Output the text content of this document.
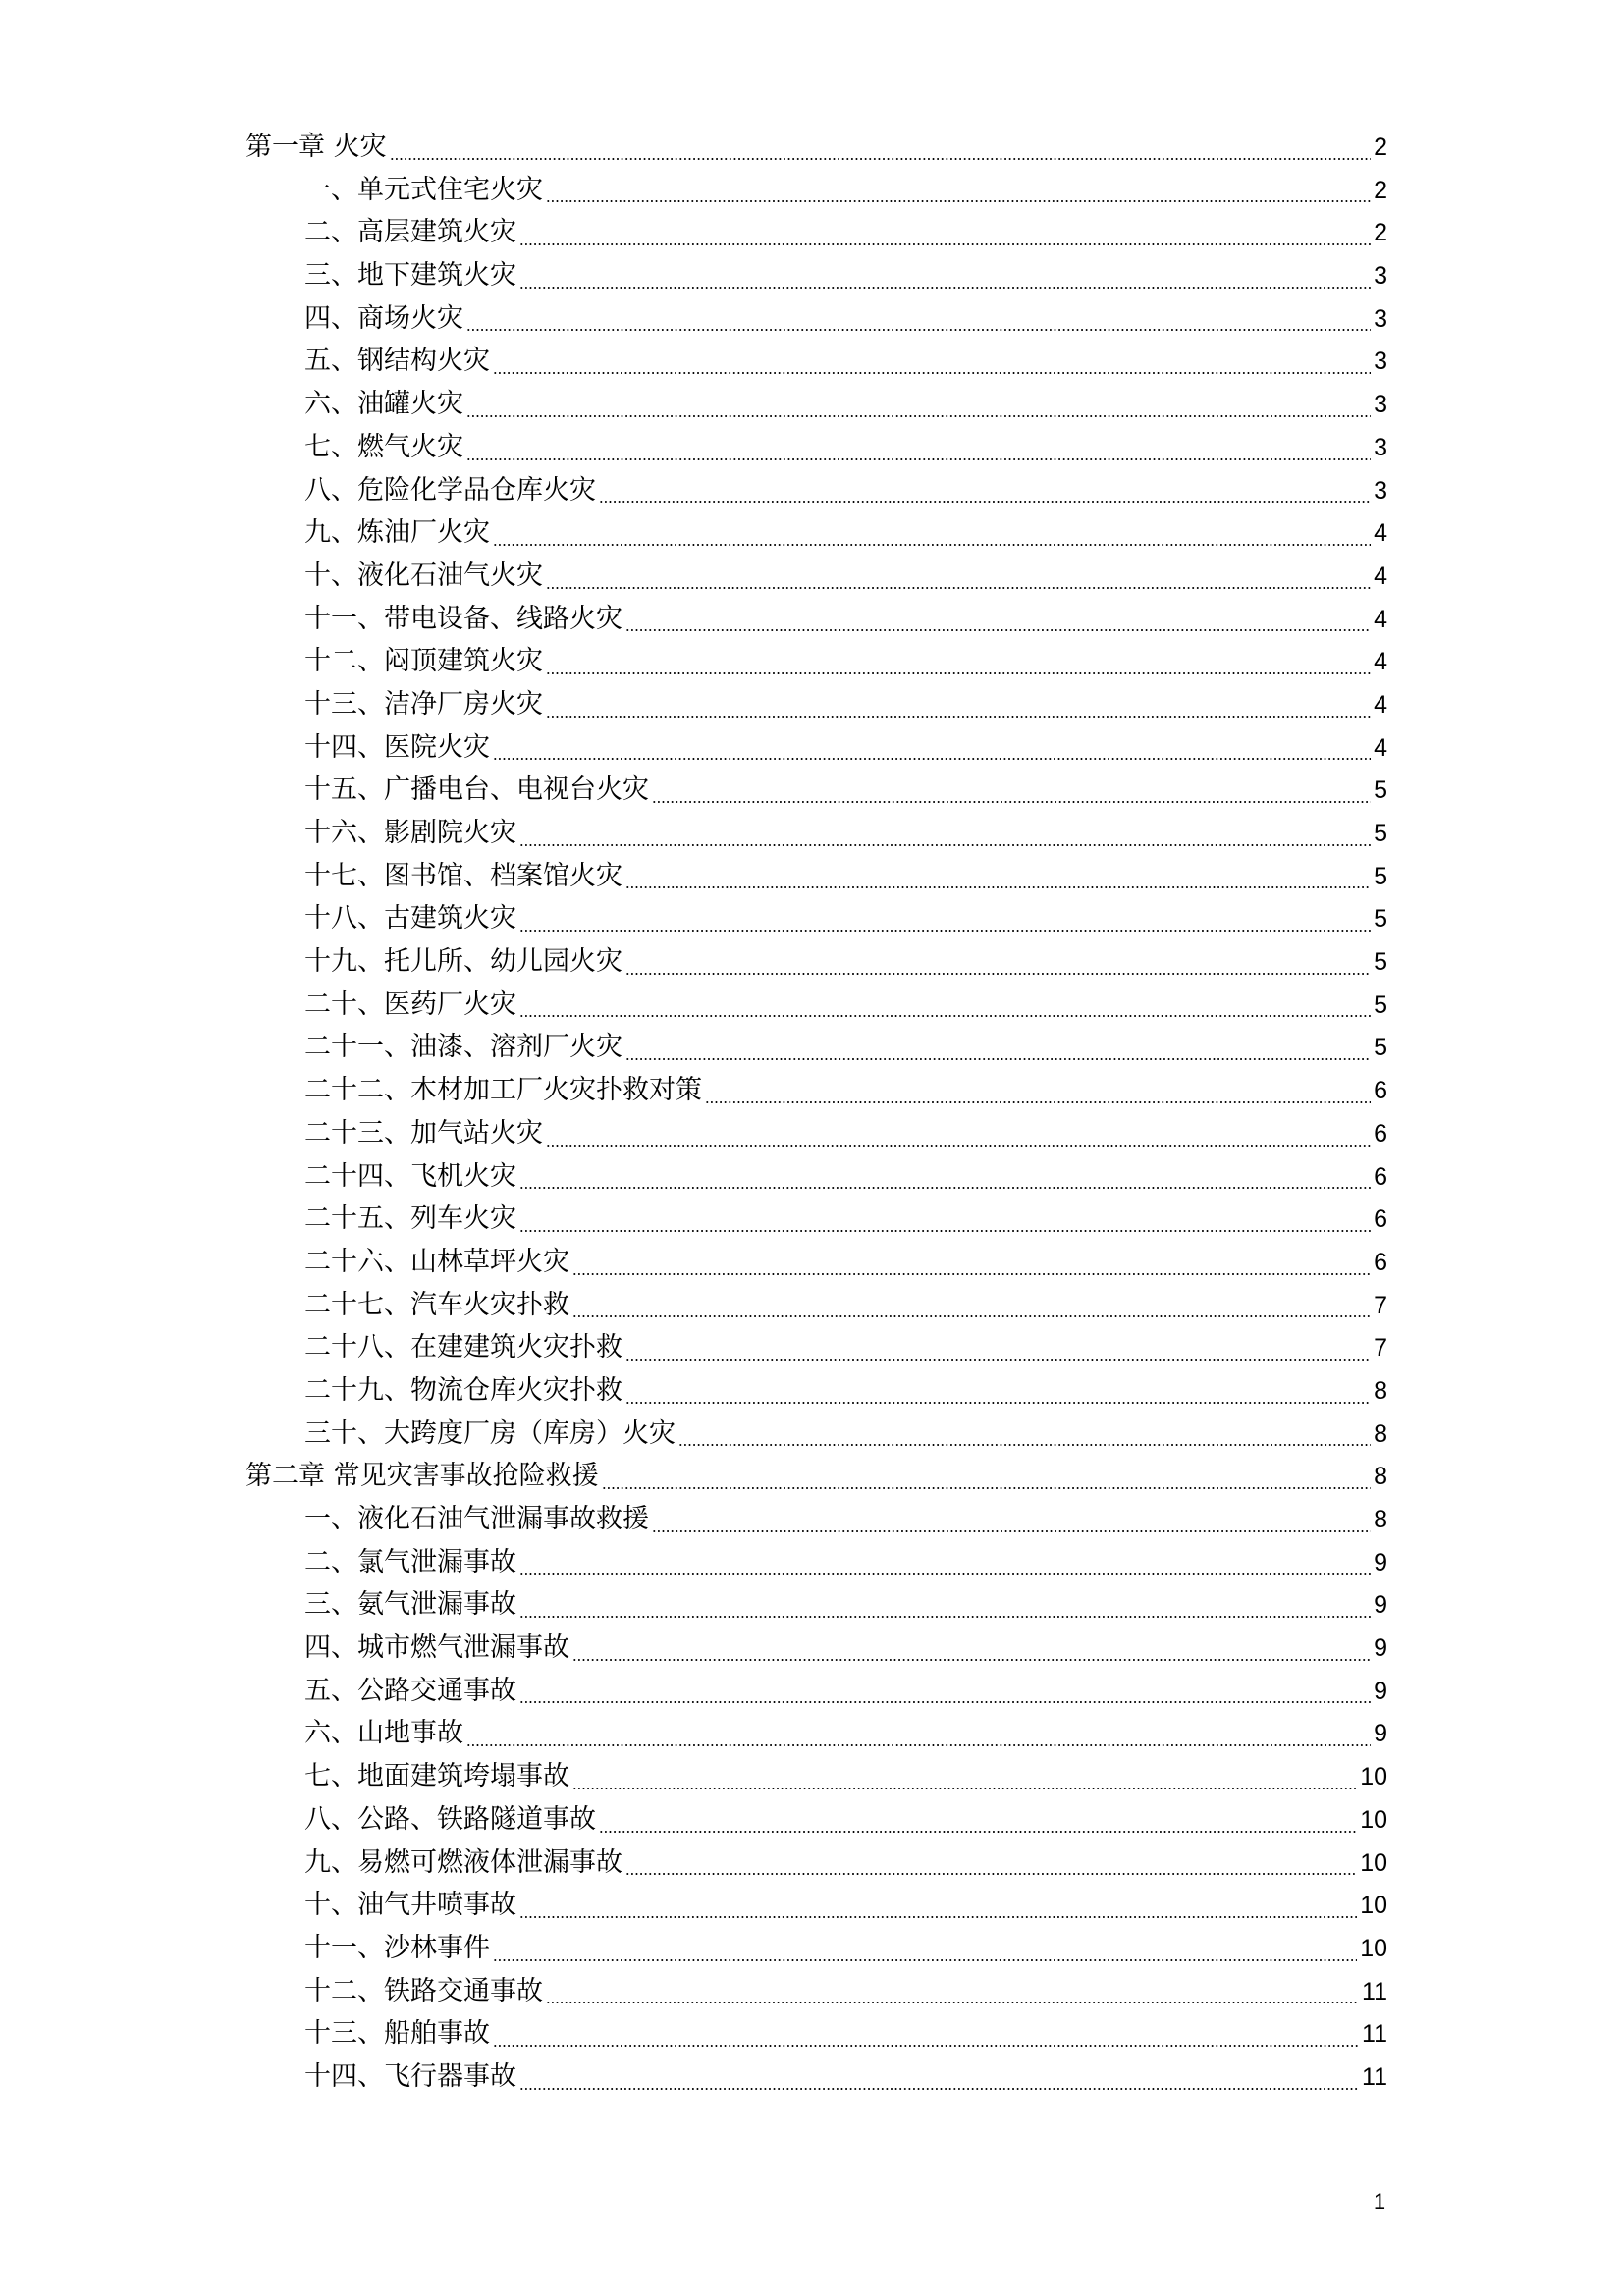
第一章 火灾	2
一、单元式住宅火灾	2
二、高层建筑火灾	2
三、地下建筑火灾	3
四、商场火灾	3
五、钢结构火灾	3
六、油罐火灾	3
七、燃气火灾	3
八、危险化学品仓库火灾	3
九、炼油厂火灾	4
十、液化石油气火灾	4
十一、带电设备、线路火灾	4
十二、闷顶建筑火灾	4
十三、洁净厂房火灾	4
十四、医院火灾	4
十五、广播电台、电视台火灾	5
十六、影剧院火灾	5
十七、图书馆、档案馆火灾	5
十八、古建筑火灾	5
十九、托儿所、幼儿园火灾	5
二十、医药厂火灾	5
二十一、油漆、溶剂厂火灾	5
二十二、木材加工厂火灾扑救对策	6
二十三、加气站火灾	6
二十四、飞机火灾	6
二十五、列车火灾	6
二十六、山林草坪火灾	6
二十七、汽车火灾扑救	7
二十八、在建建筑火灾扑救	7
二十九、物流仓库火灾扑救	8
三十、大跨度厂房（库房）火灾	8
第二章 常见灾害事故抢险救援	8
一、液化石油气泄漏事故救援	8
二、氯气泄漏事故	9
三、氨气泄漏事故	9
四、城市燃气泄漏事故	9
五、公路交通事故	9
六、山地事故	9
七、地面建筑垮塌事故	10
八、公路、铁路隧道事故	10
九、易燃可燃液体泄漏事故	10
十、油气井喷事故	10
十一、沙林事件	10
十二、铁路交通事故	11
十三、船舶事故	11
十四、飞行器事故	11
1
